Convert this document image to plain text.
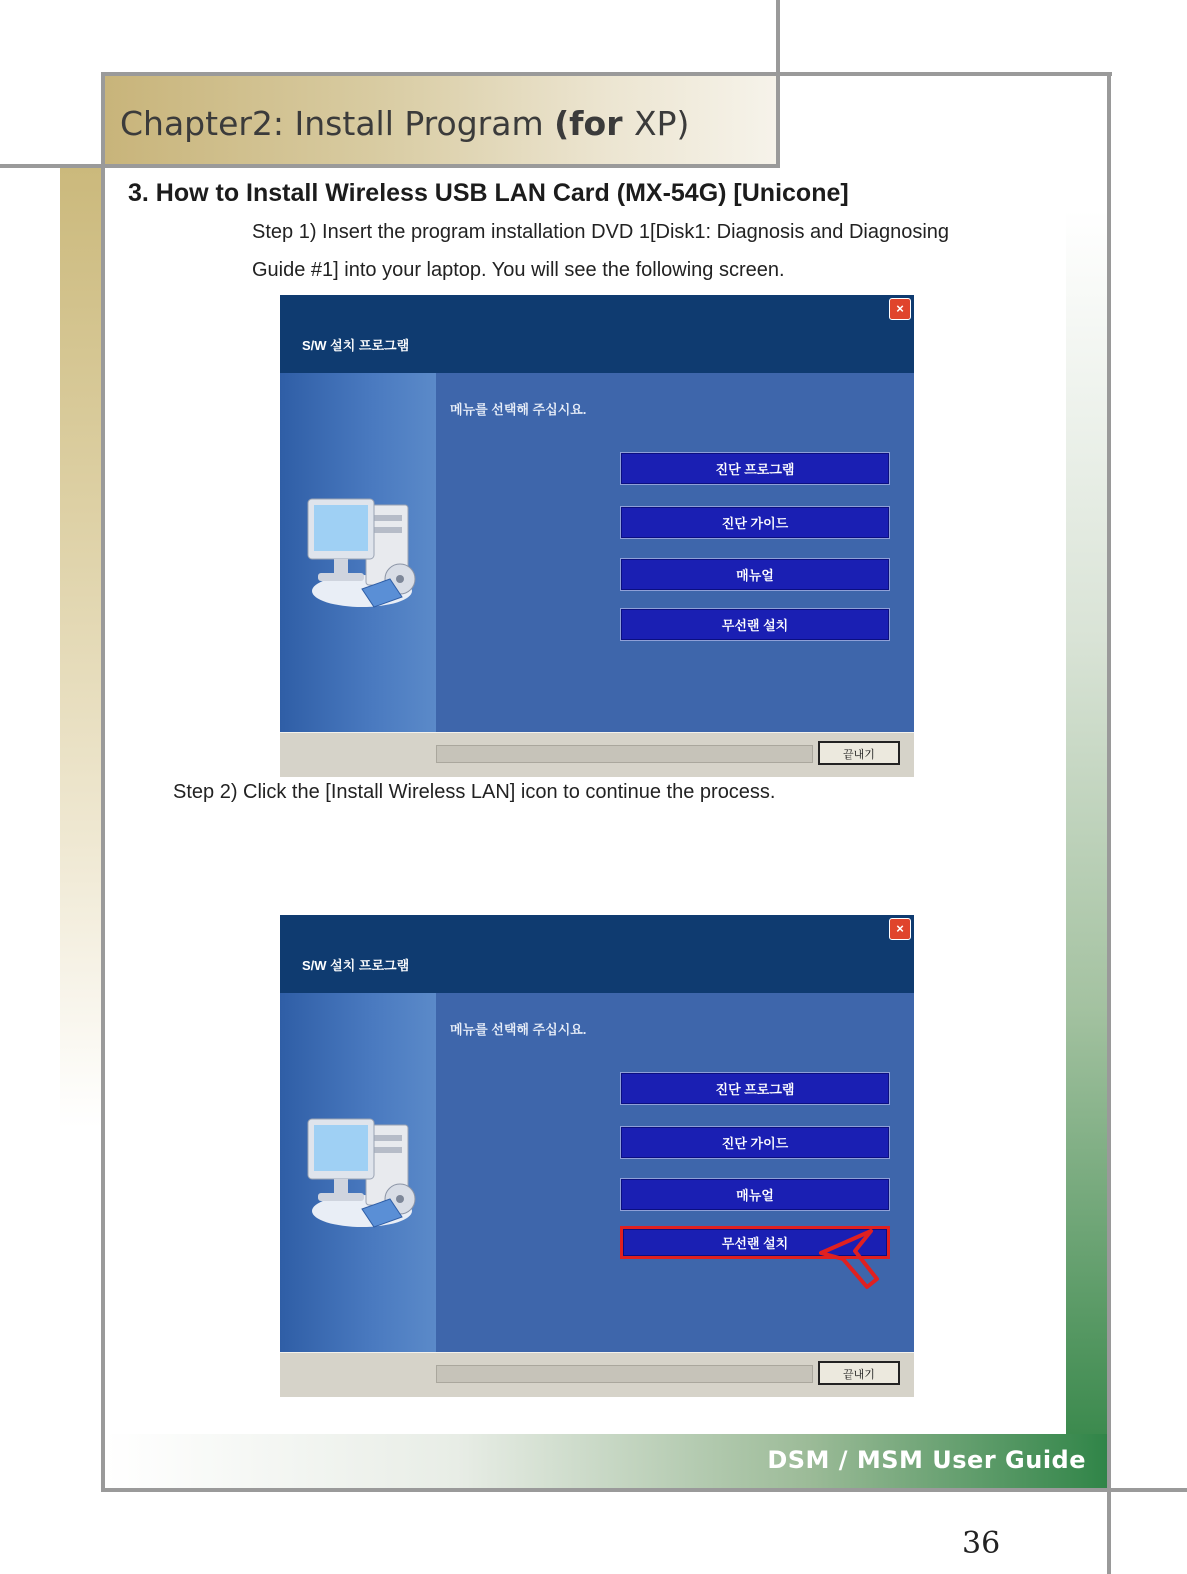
DSM / MSM User Guide
Chapter2: Install Program (for XP)
3. How to Install Wireless USB LAN Card (MX-54G) [Unicone]
Step 1) Insert the program installation DVD 1[Disk1: Diagnosis and Diagnosing
Guide #1] into your laptop. You will see the following screen.
Step 2) Click the [Install Wireless LAN] icon to continue the process.
S/W 설치 프로그램
×
메뉴를 선택해 주십시요.
진단 프로그램
진단 가이드
매뉴얼
무선랜 설치
끝내기
S/W 설치 프로그램
×
메뉴를 선택해 주십시요.
진단 프로그램
진단 가이드
매뉴얼
무선랜 설치
끝내기
36
